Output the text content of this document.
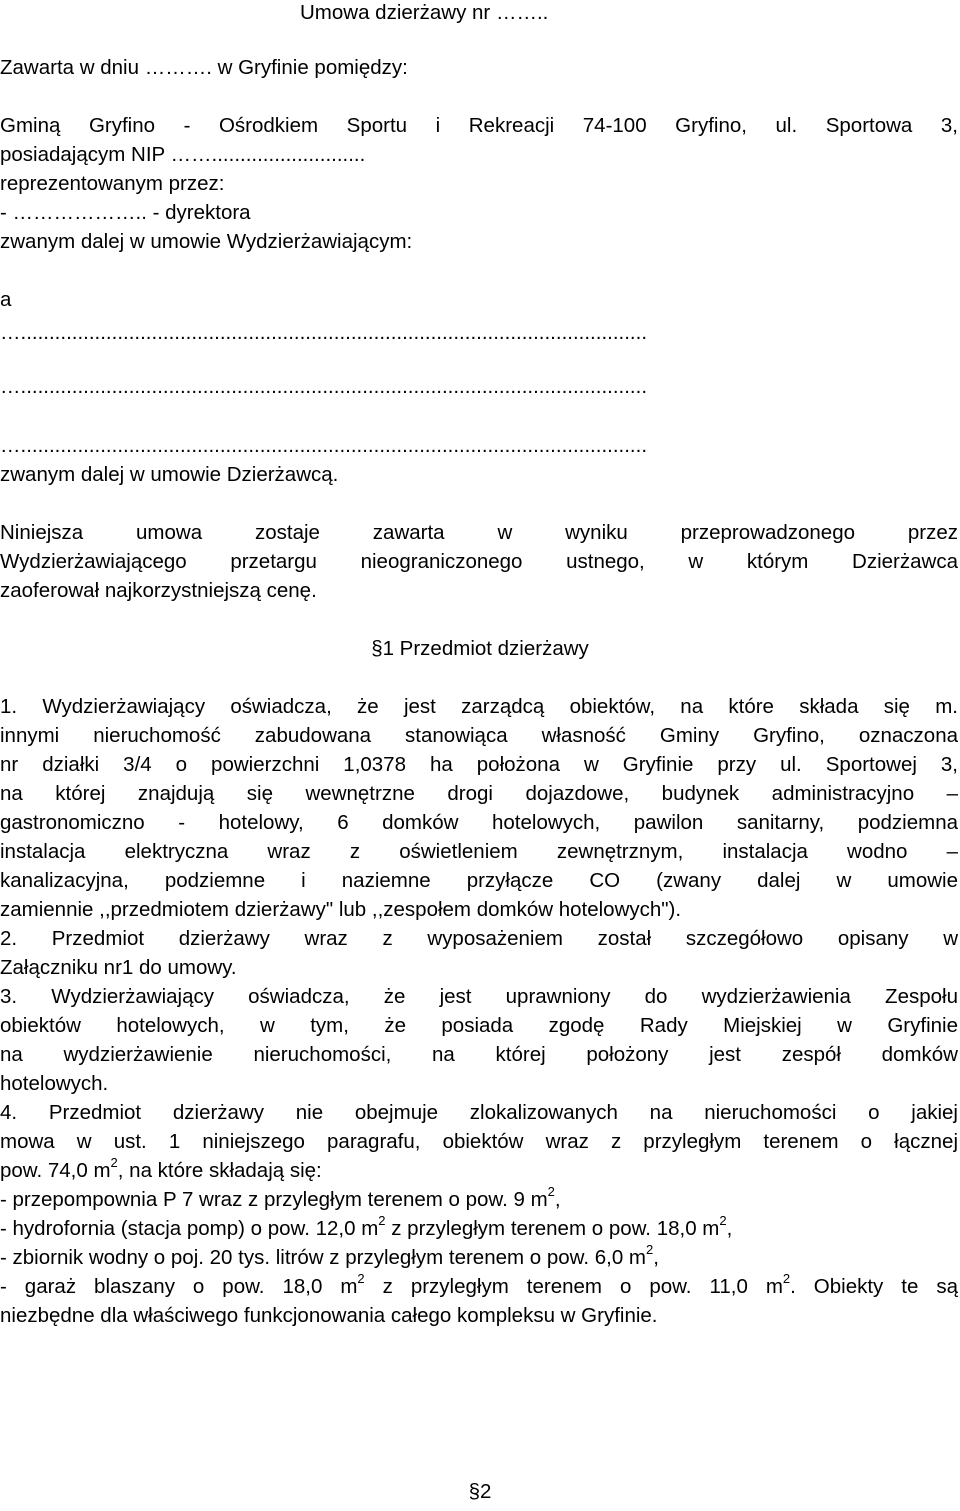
Umowa dzierżawy nr ……..
Zawarta w dniu ………. w Gryfinie pomiędzy:
Gminą Gryfino - Ośrodkiem Sportu i Rekreacji 74-100 Gryfino, ul. Sportowa 3,
posiadającym NIP ……...........................
reprezentowanym przez:
- ……………….. - dyrektora
zwanym dalej w umowie Wydzierżawiającym:
a
…..............................................................................................................
…..............................................................................................................
…..............................................................................................................
zwanym dalej w umowie Dzierżawcą.
Niniejsza umowa zostaje zawarta w wyniku przeprowadzonego przez
Wydzierżawiającego przetargu nieograniczonego ustnego, w którym Dzierżawca
zaoferował najkorzystniejszą cenę.
§1 Przedmiot dzierżawy
1. Wydzierżawiający oświadcza, że jest zarządcą obiektów, na które składa się m.
innymi nieruchomość zabudowana stanowiąca własność Gminy Gryfino, oznaczona
nr działki 3/4 o powierzchni 1,0378 ha położona w Gryfinie przy ul. Sportowej 3,
na której znajdują się wewnętrzne drogi dojazdowe, budynek administracyjno –
gastronomiczno - hotelowy, 6 domków hotelowych, pawilon sanitarny, podziemna
instalacja elektryczna wraz z oświetleniem zewnętrznym, instalacja wodno –
kanalizacyjna, podziemne i naziemne przyłącze CO (zwany dalej w umowie
zamiennie ,,przedmiotem dzierżawy" lub ,,zespołem domków hotelowych").
2. Przedmiot dzierżawy wraz z wyposażeniem został szczegółowo opisany w
Załączniku nr1 do umowy.
3. Wydzierżawiający oświadcza, że jest uprawniony do wydzierżawienia Zespołu
obiektów hotelowych, w tym, że posiada zgodę Rady Miejskiej w Gryfinie
na wydzierżawienie nieruchomości, na której położony jest zespół domków
hotelowych.
4. Przedmiot dzierżawy nie obejmuje zlokalizowanych na nieruchomości o jakiej
mowa w ust. 1 niniejszego paragrafu, obiektów wraz z przyległym terenem o łącznej
pow. 74,0 $m^2$, na które składają się:
- przepompownia P 7 wraz z przyległym terenem o pow. 9 $m^2$,
- hydrofornia (stacja pomp) o pow. 12,0 $m^2$ z przyległym terenem o pow. 18,0 $m^2$,
- zbiornik wodny o poj. 20 tys. litrów z przyległym terenem o pow. 6,0 $m^2$,
- garaż blaszany o pow. 18,0 $m^2$ z przyległym terenem o pow. 11,0 $m^2$. Obiekty te są
niezbędne dla właściwego funkcjonowania całego kompleksu w Gryfinie.
§2
